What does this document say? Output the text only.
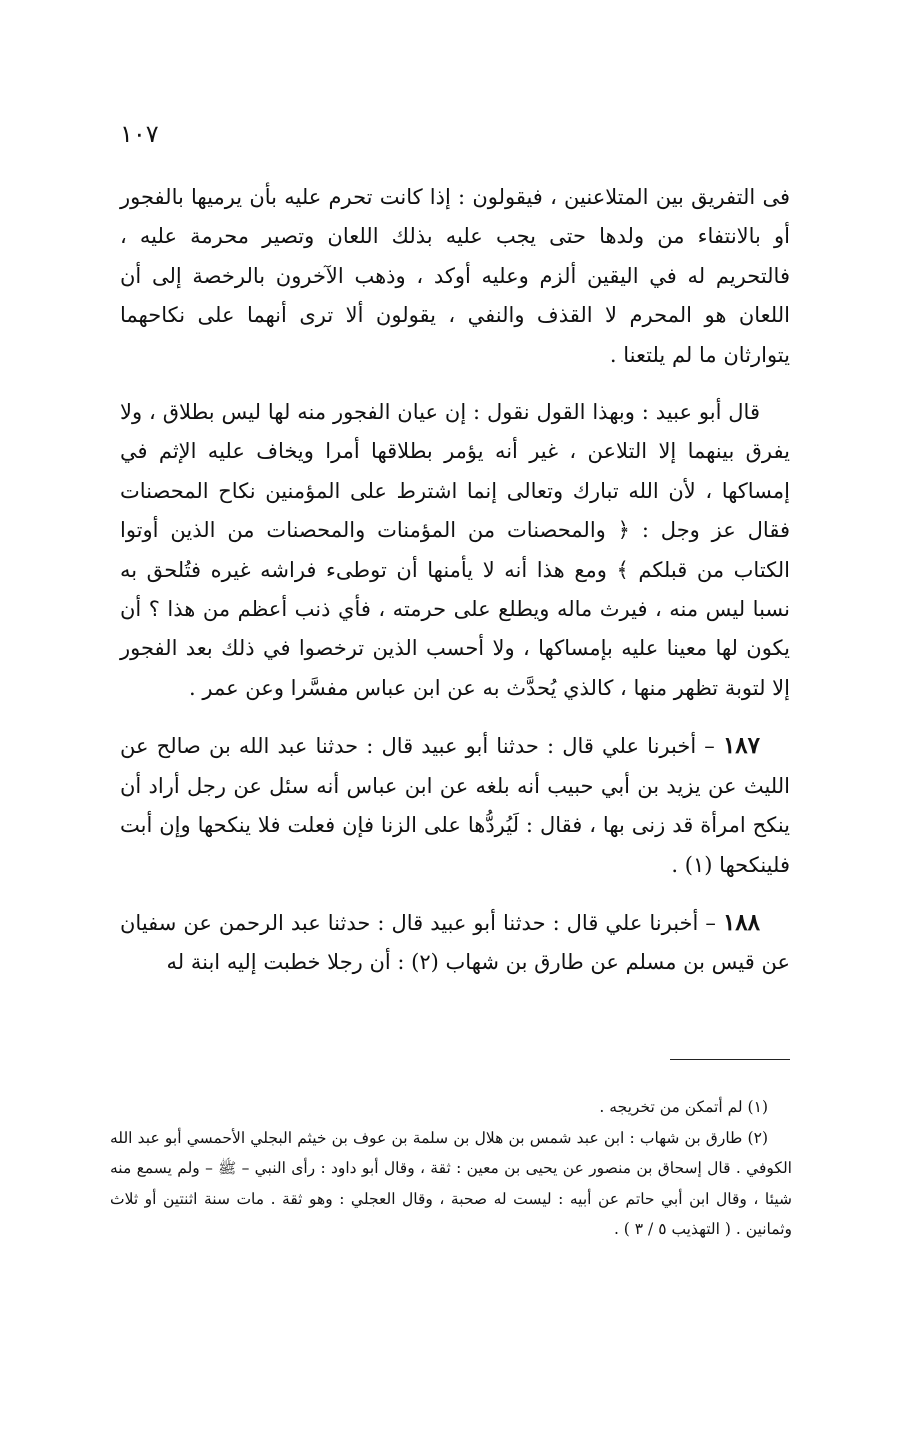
١٠٧

فى التفريق بين المتلاعنين ، فيقولون : إذا كانت تحرم عليه بأن يرميها بالفجور أو بالانتفاء من ولدها حتى يجب عليه بذلك اللعان وتصير محرمة عليه ، فالتحريم له في اليقين ألزم وعليه أوكد ، وذهب الآخرون بالرخصة إلى أن اللعان هو المحرم لا القذف والنفي ، يقولون ألا ترى أنهما على نكاحهما يتوارثان ما لم يلتعنا .

قال أبو عبيد : وبهذا القول نقول : إن عيان الفجور منه لها ليس بطلاق ، ولا يفرق بينهما إلا التلاعن ، غير أنه يؤمر بطلاقها أمرا ويخاف عليه الإثم في إمساكها ، لأن الله تبارك وتعالى إنما اشترط على المؤمنين نكاح المحصنات فقال عز وجل : ﴿ والمحصنات من المؤمنات والمحصنات من الذين أوتوا الكتاب من قبلكم ﴾ ومع هذا أنه لا يأمنها أن توطىء فراشه غيره فتُلحق به نسبا ليس منه ، فيرث ماله ويطلع على حرمته ، فأي ذنب أعظم من هذا ؟ أن يكون لها معينا عليه بإمساكها ، ولا أحسب الذين ترخصوا في ذلك بعد الفجور إلا لتوبة تظهر منها ، كالذي يُحدَّث به عن ابن عباس مفسَّرا وعن عمر .

١٨٧ – أخبرنا علي قال : حدثنا أبو عبيد قال : حدثنا عبد الله بن صالح عن الليث عن يزيد بن أبي حبيب أنه بلغه عن ابن عباس أنه سئل عن رجل أراد أن ينكح امرأة قد زنى بها ، فقال : لَيُردُّها على الزنا فإن فعلت فلا ينكحها وإن أبت فلينكحها (١) .

١٨٨ – أخبرنا علي قال : حدثنا أبو عبيد قال : حدثنا عبد الرحمن عن سفيان عن قيس بن مسلم عن طارق بن شهاب (٢) : أن رجلا خطبت إليه ابنة له

(١) لم أتمكن من تخريجه .

(٢) طارق بن شهاب : ابن عبد شمس بن هلال بن سلمة بن عوف بن خيثم البجلي الأحمسي أبو عبد الله الكوفي . قال إسحاق بن منصور عن يحيى بن معين : ثقة ، وقال أبو داود : رأى النبي – ﷺ – ولم يسمع منه شيئا ، وقال ابن أبي حاتم عن أبيه : ليست له صحبة ، وقال العجلي : وهو ثقة . مات سنة اثنتين أو ثلاث وثمانين . ( التهذيب ٥ / ٣ ) .
